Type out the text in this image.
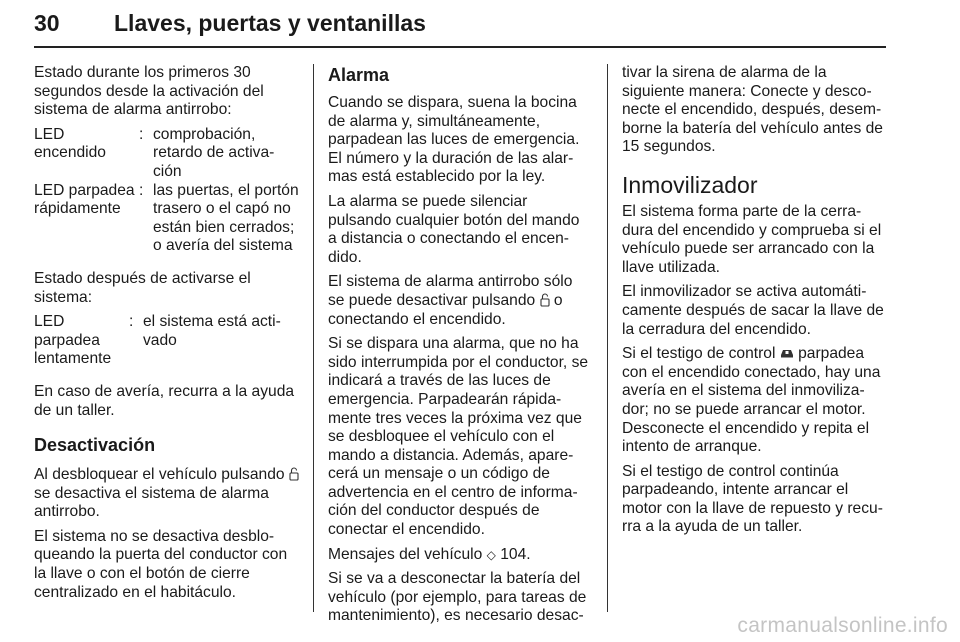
30 Llaves, puertas y ventanillas

Estado durante los primeros 30 segundos desde la activación del sistema de alarma antirrobo:

LED encendido
: comprobación, retardo de activa- ción
LED parpadea rápidamente
: las puertas, el portón trasero o el capó no están bien cerrados; o avería del sistema

Estado después de activarse el sistema:

LED parpadea lentamente
: el sistema está acti- vado

En caso de avería, recurra a la ayuda de un taller.

Desactivación

Al desbloquear el vehículo pulsando  se desactiva el sistema de alarma antirrobo.

El sistema no se desactiva desblo- queando la puerta del conductor con la llave o con el botón de cierre centralizado en el habitáculo.

Alarma

Cuando se dispara, suena la bocina de alarma y, simultáneamente, parpadean las luces de emergencia. El número y la duración de las alar- mas está establecido por la ley.

La alarma se puede silenciar pulsando cualquier botón del mando a distancia o conectando el encen- dido.

El sistema de alarma antirrobo sólo se puede desactivar pulsando o conectando el encendido.

Si se dispara una alarma, que no ha sido interrumpida por el conductor, se indicará a través de las luces de emergencia. Parpadearán rápida- mente tres veces la próxima vez que se desbloquee el vehículo con el mando a distancia. Además, apare- cerá un mensaje o un código de advertencia en el centro de informa- ción del conductor después de conectar el encendido.

Mensajes del vehículo ◇ 104.

Si se va a desconectar la batería del vehículo (por ejemplo, para tareas de mantenimiento), es necesario desac-

tivar la sirena de alarma de la siguiente manera: Conecte y desco- necte el encendido, después, desem- borne la batería del vehículo antes de 15 segundos.

Inmovilizador

El sistema forma parte de la cerra- dura del encendido y comprueba si el vehículo puede ser arrancado con la llave utilizada.

El inmovilizador se activa automáti- camente después de sacar la llave de la cerradura del encendido.

Si el testigo de control parpadea con el encendido conectado, hay una avería en el sistema del inmoviliza- dor; no se puede arrancar el motor. Desconecte el encendido y repita el intento de arranque.

Si el testigo de control continúa parpadeando, intente arrancar el motor con la llave de repuesto y recu- rra a la ayuda de un taller.

carmanualsonline.info
